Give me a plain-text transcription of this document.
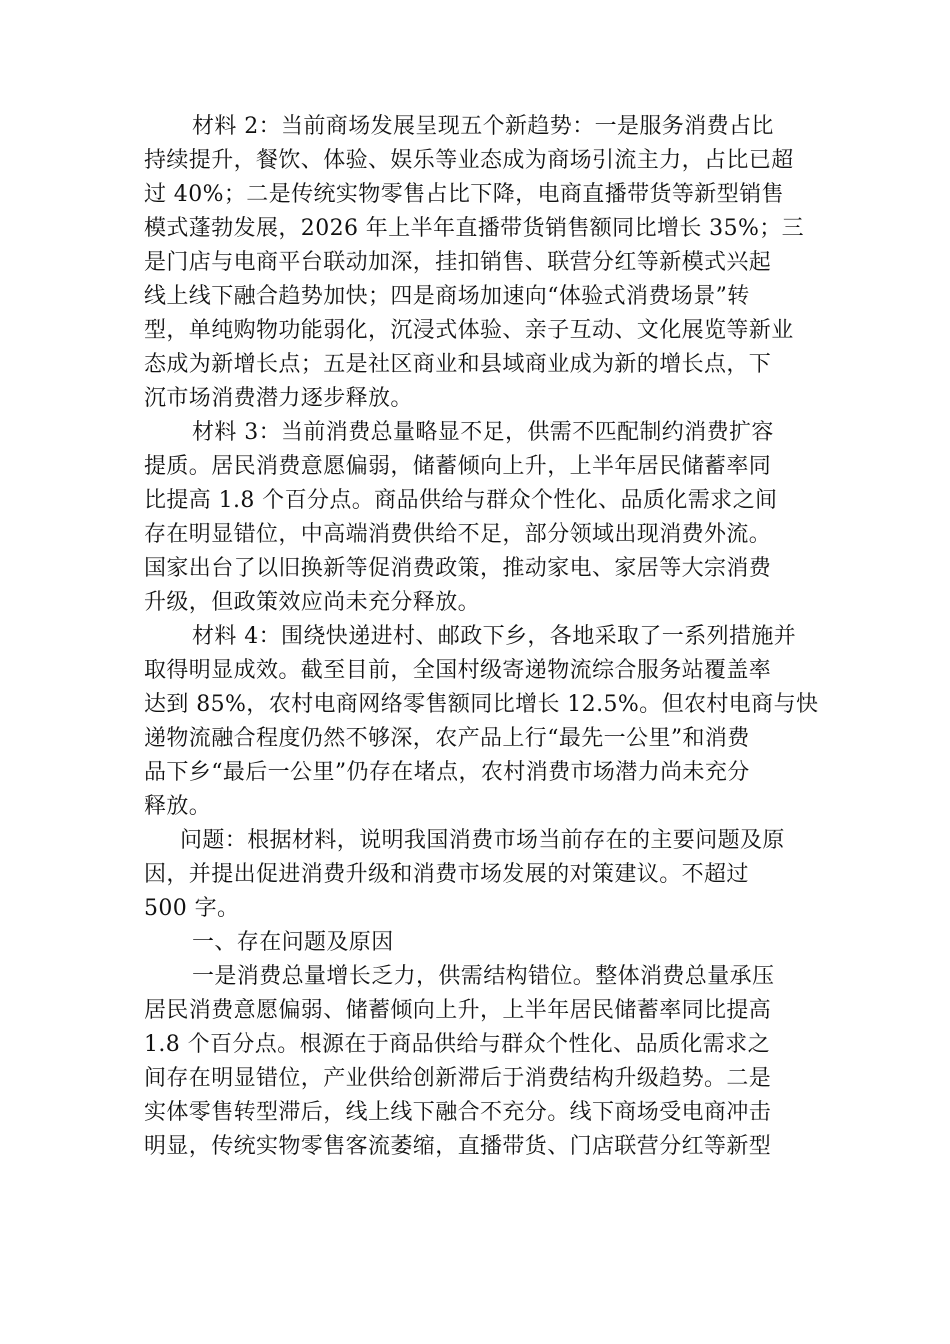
材料 2：当前商场发展呈现五个新趋势：一是服务消费占比
持续提升，餐饮、体验、娱乐等业态成为商场引流主力，占比已超
过 40%；二是传统实物零售占比下降，电商直播带货等新型销售
模式蓬勃发展，2026 年上半年直播带货销售额同比增长 35%；三
是门店与电商平台联动加深，挂扣销售、联营分红等新模式兴起
线上线下融合趋势加快；四是商场加速向“体验式消费场景”转
型，单纯购物功能弱化，沉浸式体验、亲子互动、文化展览等新业
态成为新增长点；五是社区商业和县域商业成为新的增长点，下
沉市场消费潜力逐步释放。
材料 3：当前消费总量略显不足，供需不匹配制约消费扩容
提质。居民消费意愿偏弱，储蓄倾向上升，上半年居民储蓄率同
比提高 1.8 个百分点。商品供给与群众个性化、品质化需求之间
存在明显错位，中高端消费供给不足，部分领域出现消费外流。
国家出台了以旧换新等促消费政策，推动家电、家居等大宗消费
升级，但政策效应尚未充分释放。
材料 4：围绕快递进村、邮政下乡，各地采取了一系列措施并
取得明显成效。截至目前，全国村级寄递物流综合服务站覆盖率
达到 85%，农村电商网络零售额同比增长 12.5%。但农村电商与快
递物流融合程度仍然不够深，农产品上行“最先一公里”和消费
品下乡“最后一公里”仍存在堵点，农村消费市场潜力尚未充分
释放。
问题：根据材料，说明我国消费市场当前存在的主要问题及原
因，并提出促进消费升级和消费市场发展的对策建议。不超过
500 字。
一、存在问题及原因
一是消费总量增长乏力，供需结构错位。整体消费总量承压
居民消费意愿偏弱、储蓄倾向上升，上半年居民储蓄率同比提高
1.8 个百分点。根源在于商品供给与群众个性化、品质化需求之
间存在明显错位，产业供给创新滞后于消费结构升级趋势。二是
实体零售转型滞后，线上线下融合不充分。线下商场受电商冲击
明显，传统实物零售客流萎缩，直播带货、门店联营分红等新型
